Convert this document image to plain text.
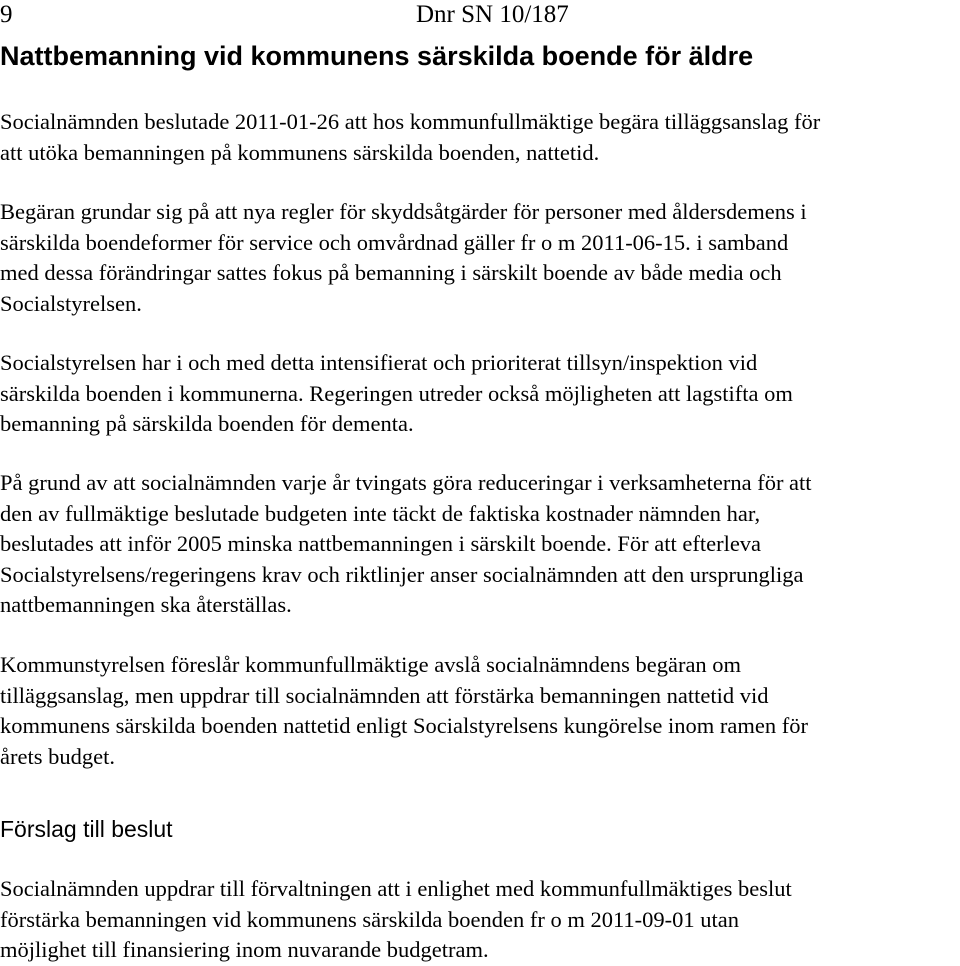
9	Dnr SN 10/187
Nattbemanning vid kommunens särskilda boende för äldre

Socialnämnden beslutade 2011-01-26 att hos kommunfullmäktige begära tilläggsanslag för
att utöka bemanningen på kommunens särskilda boenden, nattetid.

Begäran grundar sig på att nya regler för skyddsåtgärder för personer med åldersdemens i
särskilda boendeformer för service och omvårdnad gäller fr o m 2011-06-15. i samband
med dessa förändringar sattes fokus på bemanning i särskilt boende av både media och
Socialstyrelsen.

Socialstyrelsen har i och med detta intensifierat och prioriterat tillsyn/inspektion vid
särskilda boenden i kommunerna. Regeringen utreder också möjligheten att lagstifta om
bemanning på särskilda boenden för dementa.

På grund av att socialnämnden varje år tvingats göra reduceringar i verksamheterna för att
den av fullmäktige beslutade budgeten inte täckt de faktiska kostnader nämnden har,
beslutades att inför 2005 minska nattbemanningen i särskilt boende. För att efterleva
Socialstyrelsens/regeringens krav och riktlinjer anser socialnämnden att den ursprungliga
nattbemanningen ska återställas.

Kommunstyrelsen föreslår kommunfullmäktige avslå socialnämndens begäran om
tilläggsanslag, men uppdrar till socialnämnden att förstärka bemanningen nattetid vid
kommunens särskilda boenden nattetid enligt Socialstyrelsens kungörelse inom ramen för
årets budget.

Förslag till beslut

Socialnämnden uppdrar till förvaltningen att i enlighet med kommunfullmäktiges beslut
förstärka bemanningen vid kommunens särskilda boenden fr o m 2011-09-01 utan
möjlighet till finansiering inom nuvarande budgetram.
